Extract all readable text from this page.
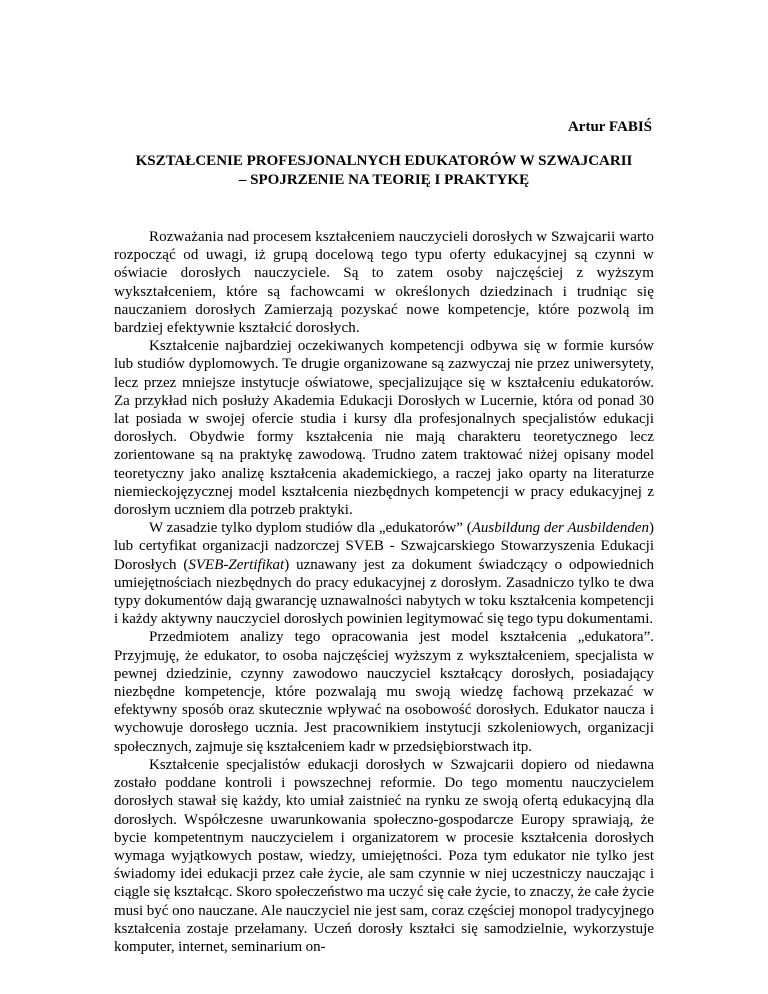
Artur FABIŚ

KSZTAŁCENIE PROFESJONALNYCH EDUKATORÓW W SZWAJCARII
– SPOJRZENIE NA TEORIĘ I PRAKTYKĘ

Rozważania nad procesem kształceniem nauczycieli dorosłych w Szwajcarii warto rozpocząć od uwagi, iż grupą docelową tego typu oferty edukacyjnej są czynni w oświacie dorosłych nauczyciele. Są to zatem osoby najczęściej z wyższym wykształceniem, które są fachowcami w określonych dziedzinach i trudniąc się nauczaniem dorosłych Zamierzają pozyskać nowe kompetencje, które pozwolą im bardziej efektywnie kształcić dorosłych.

Kształcenie najbardziej oczekiwanych kompetencji odbywa się w formie kursów lub studiów dyplomowych. Te drugie organizowane są zazwyczaj nie przez uniwersytety, lecz przez mniejsze instytucje oświatowe, specjalizujące się w kształceniu edukatorów. Za przykład nich posłuży Akademia Edukacji Dorosłych w Lucernie, która od ponad 30 lat posiada w swojej ofercie studia i kursy dla profesjonalnych specjalistów edukacji dorosłych. Obydwie formy kształcenia nie mają charakteru teoretycznego lecz zorientowane są na praktykę zawodową. Trudno zatem traktować niżej opisany model teoretyczny jako analizę kształcenia akademickiego, a raczej jako oparty na literaturze niemieckojęzycznej model kształcenia niezbędnych kompetencji w pracy edukacyjnej z dorosłym uczniem dla potrzeb praktyki.

W zasadzie tylko dyplom studiów dla „edukatorów” (Ausbildung der Ausbildenden) lub certyfikat organizacji nadzorczej SVEB - Szwajcarskiego Stowarzyszenia Edukacji Dorosłych (SVEB-Zertifikat) uznawany jest za dokument świadczący o odpowiednich umiejętnościach niezbędnych do pracy edukacyjnej z dorosłym. Zasadniczo tylko te dwa typy dokumentów dają gwarancję uznawalności nabytych w toku kształcenia kompetencji i każdy aktywny nauczyciel dorosłych powinien legitymować się tego typu dokumentami.

Przedmiotem analizy tego opracowania jest model kształcenia „edukatora”. Przyjmuję, że edukator, to osoba najczęściej wyższym z wykształceniem, specjalista w pewnej dziedzinie, czynny zawodowo nauczyciel kształcący dorosłych, posiadający niezbędne kompetencje, które pozwalają mu swoją wiedzę fachową przekazać w efektywny sposób oraz skutecznie wpływać na osobowość dorosłych. Edukator naucza i wychowuje dorosłego ucznia. Jest pracownikiem instytucji szkoleniowych, organizacji społecznych, zajmuje się kształceniem kadr w przedsiębiorstwach itp.

Kształcenie specjalistów edukacji dorosłych w Szwajcarii dopiero od niedawna zostało poddane kontroli i powszechnej reformie. Do tego momentu nauczycielem dorosłych stawał się każdy, kto umiał zaistnieć na rynku ze swoją ofertą edukacyjną dla dorosłych. Współczesne uwarunkowania społeczno-gospodarcze Europy sprawiają, że bycie kompetentnym nauczycielem i organizatorem w procesie kształcenia dorosłych wymaga wyjątkowych postaw, wiedzy, umiejętności. Poza tym edukator nie tylko jest świadomy idei edukacji przez całe życie, ale sam czynnie w niej uczestniczy nauczając i ciągle się kształcąc. Skoro społeczeństwo ma uczyć się całe życie, to znaczy, że całe życie musi być ono nauczane. Ale nauczyciel nie jest sam, coraz częściej monopol tradycyjnego kształcenia zostaje przełamany. Uczeń dorosły kształci się samodzielnie, wykorzystuje komputer, internet, seminarium on-
